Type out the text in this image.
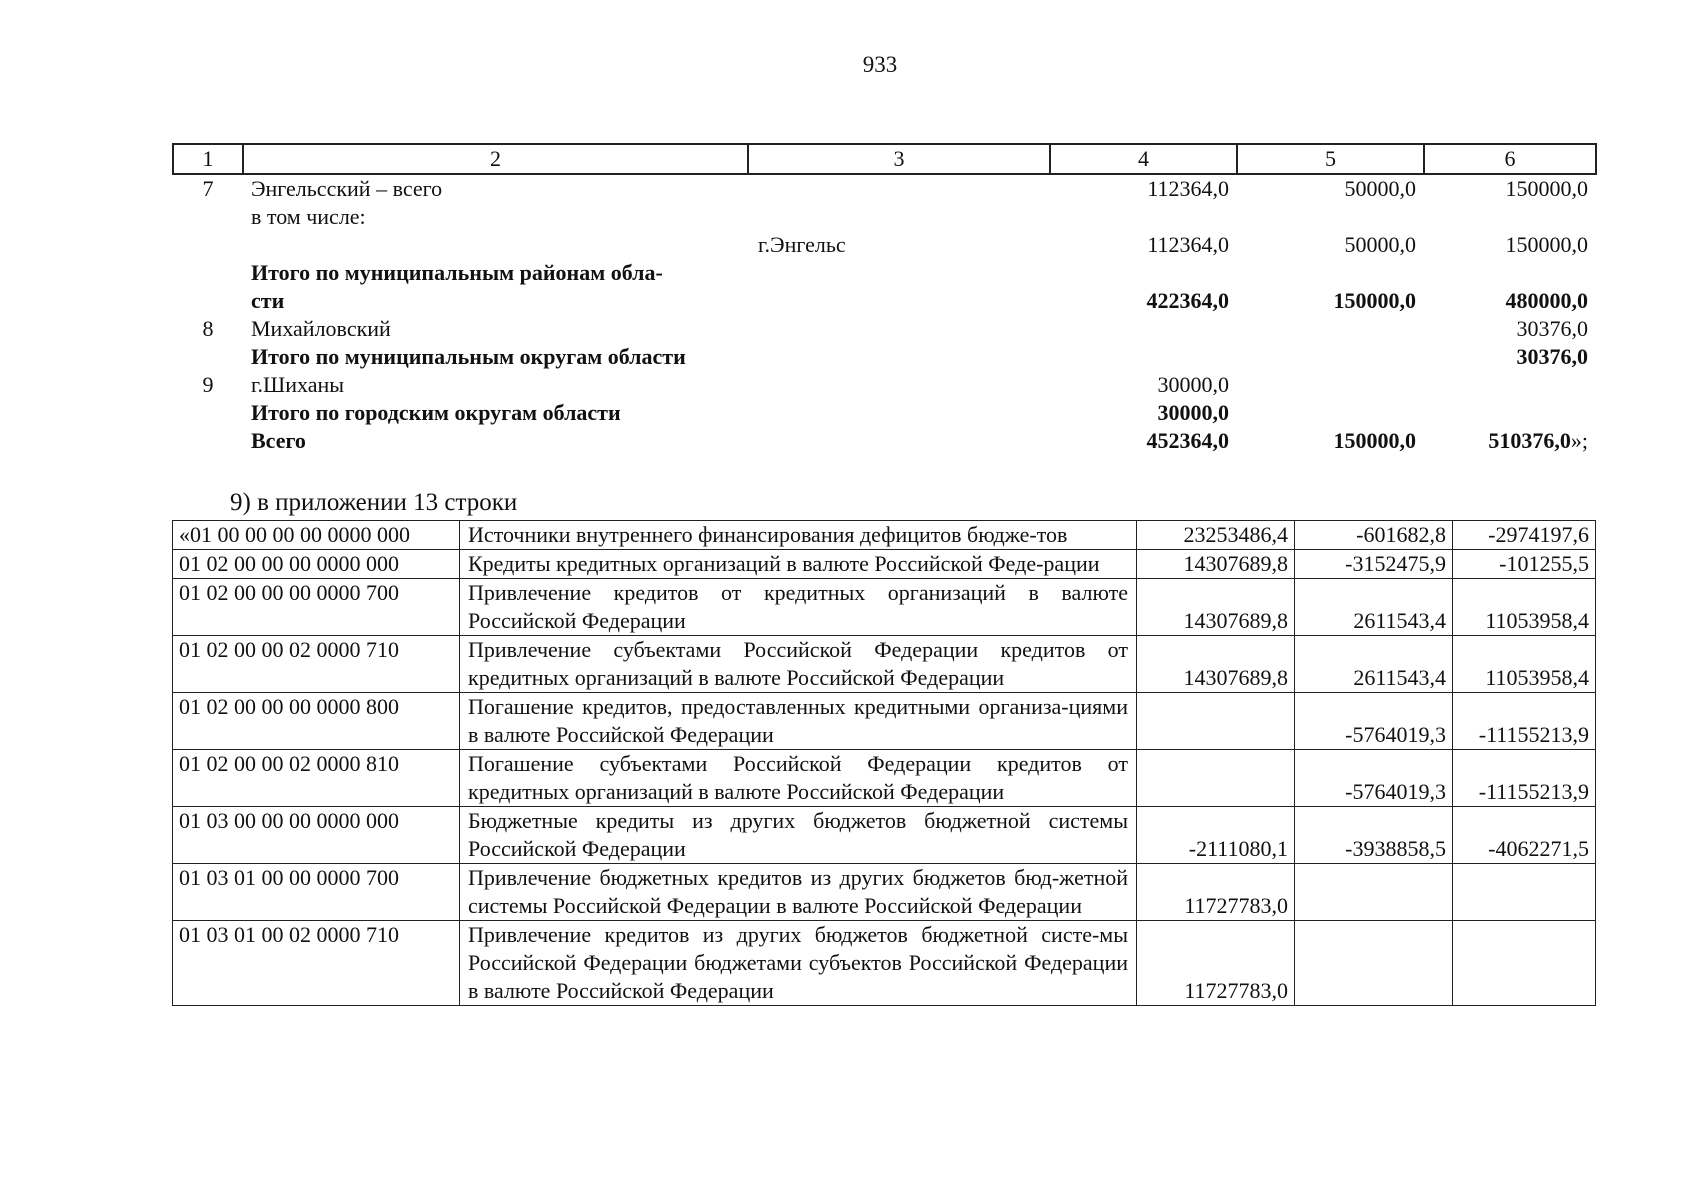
933
1	2	3	4	5	6
7	Энгельсский – всего		112364,0	50000,0	150000,0
	в том числе:				
		г.Энгельс	112364,0	50000,0	150000,0
	Итого по муниципальным районам обла-				
	сти		422364,0	150000,0	480000,0
8	Михайловский				30376,0
	Итого по муниципальным округам области				30376,0
9	г.Шиханы		30000,0		
	Итого по городским округам области		30000,0		
	Всего		452364,0	150000,0	510376,0»;
9) в приложении 13 строки
«01 00 00 00 00 0000 000	Источники внутреннего финансирования дефицитов бюдже-тов	23253486,4	-601682,8	-2974197,6
01 02 00 00 00 0000 000	Кредиты кредитных организаций в валюте Российской Феде-рации	14307689,8	-3152475,9	-101255,5
01 02 00 00 00 0000 700	Привлечение кредитов от кредитных организаций в валюте Российской Федерации	14307689,8	2611543,4	11053958,4
01 02 00 00 02 0000 710	Привлечение субъектами Российской Федерации кредитов от кредитных организаций в валюте Российской Федерации	14307689,8	2611543,4	11053958,4
01 02 00 00 00 0000 800	Погашение кредитов, предоставленных кредитными организа-циями в валюте Российской Федерации		-5764019,3	-11155213,9
01 02 00 00 02 0000 810	Погашение субъектами Российской Федерации кредитов от кредитных организаций в валюте Российской Федерации		-5764019,3	-11155213,9
01 03 00 00 00 0000 000	Бюджетные кредиты из других бюджетов бюджетной системы Российской Федерации	-2111080,1	-3938858,5	-4062271,5
01 03 01 00 00 0000 700	Привлечение бюджетных кредитов из других бюджетов бюд-жетной системы Российской Федерации в валюте Российской Федерации	11727783,0		
01 03 01 00 02 0000 710	Привлечение кредитов из других бюджетов бюджетной систе-мы Российской Федерации бюджетами субъектов Российской Федерации в валюте Российской Федерации	11727783,0		
